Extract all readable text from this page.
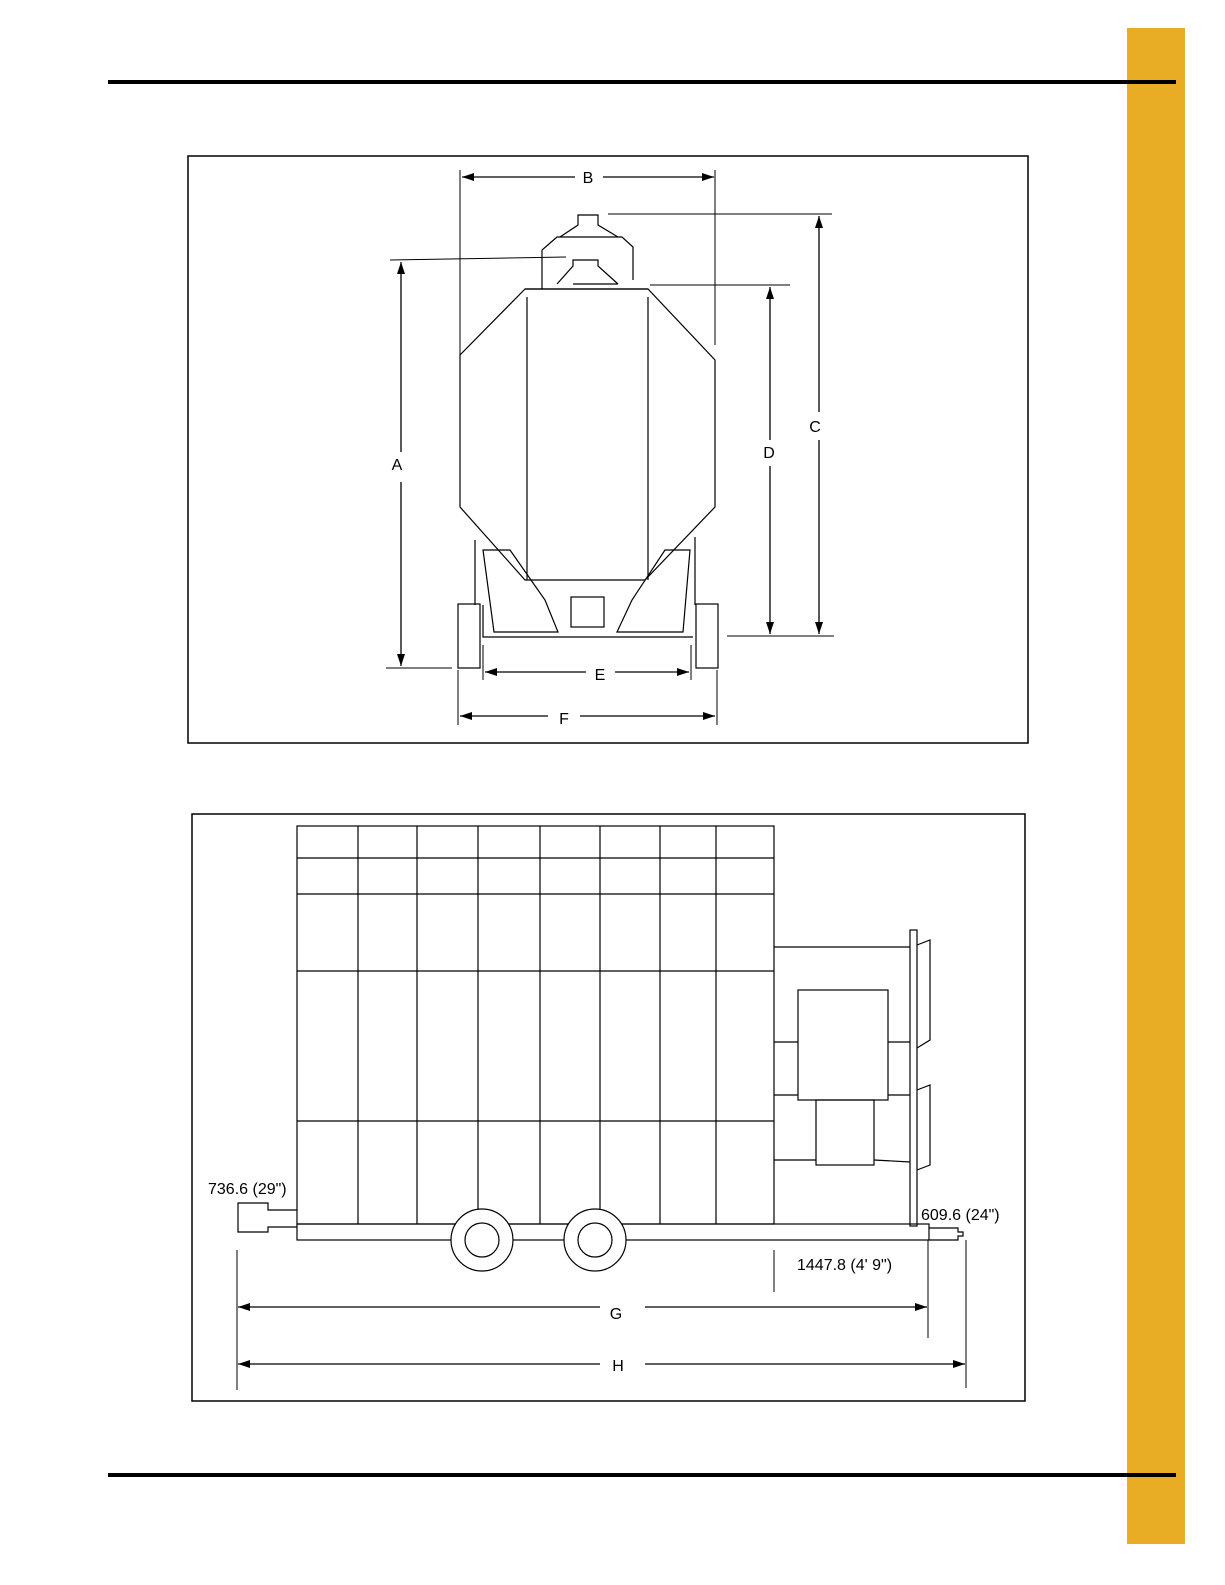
B
A
C
D
E
F
G
H
736.6 (29")
609.6 (24")
1447.8 (4' 9")
